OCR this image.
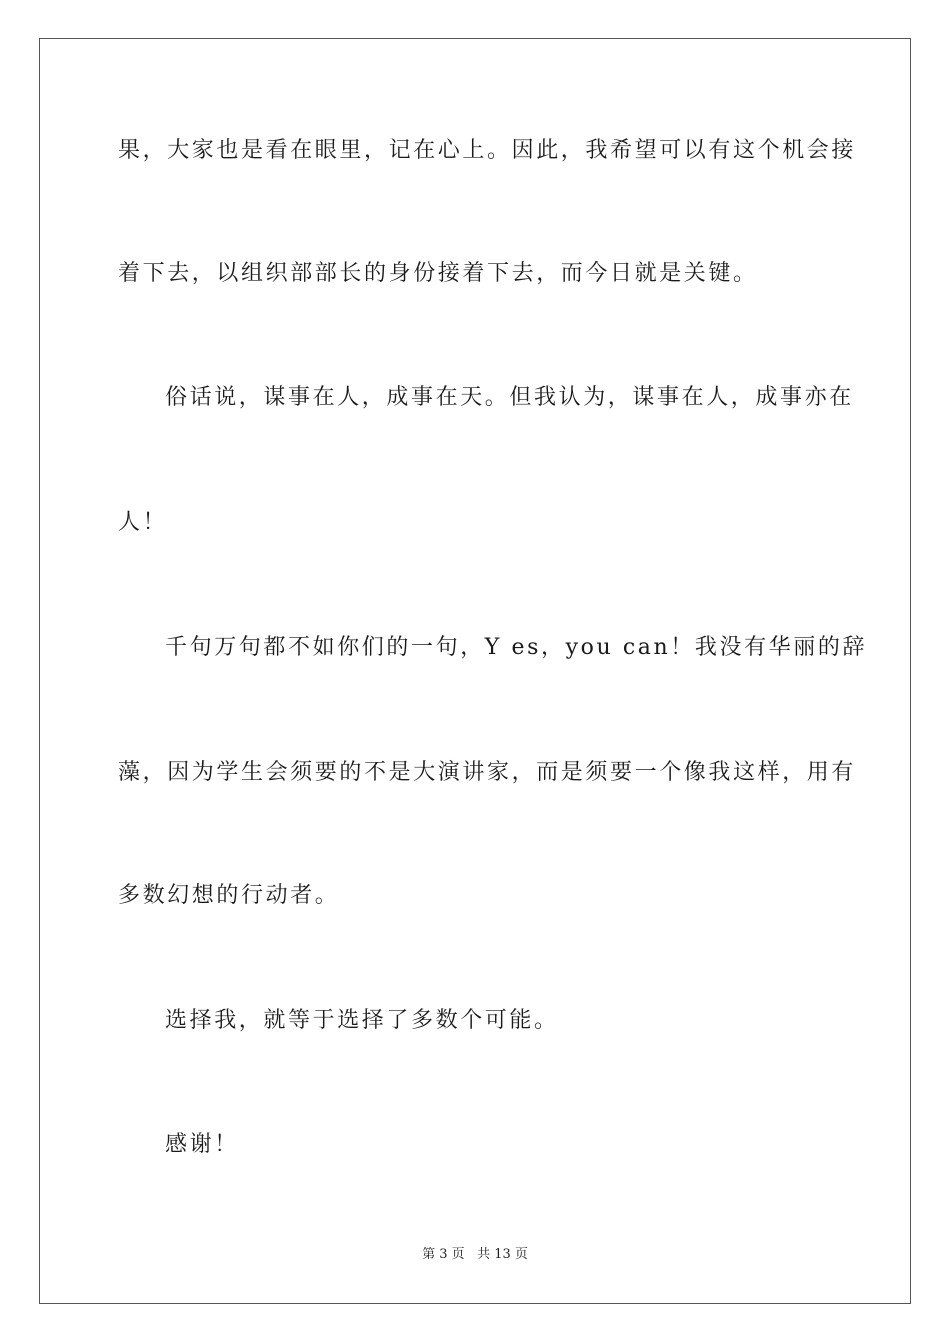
果，大家也是看在眼里，记在心上。因此，我希望可以有这个机会接
着下去，以组织部部长的身份接着下去，而今日就是关键。
俗话说，谋事在人，成事在天。但我认为，谋事在人，成事亦在
人！
千句万句都不如你们的一句，Y es，you can！我没有华丽的辞
藻，因为学生会须要的不是大演讲家，而是须要一个像我这样，用有
多数幻想的行动者。
选择我，就等于选择了多数个可能。
感谢！
第 3 页 共 13 页
